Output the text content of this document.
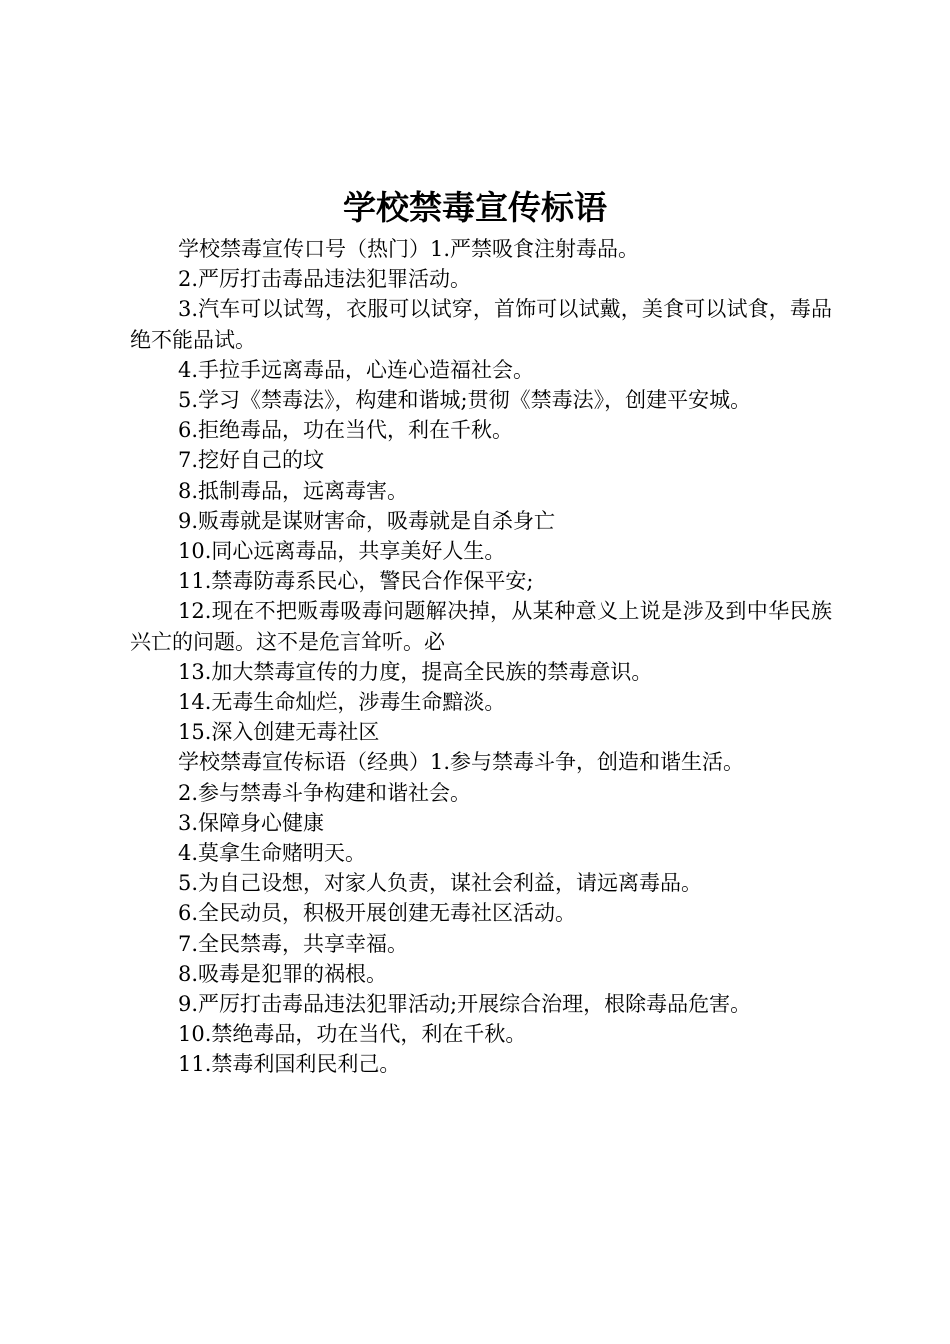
学校禁毒宣传标语

学校禁毒宣传口号（热门）1.严禁吸食注射毒品。

2.严厉打击毒品违法犯罪活动。

3.汽车可以试驾，衣服可以试穿，首饰可以试戴，美食可以试食，毒品绝不能品试。

4.手拉手远离毒品，心连心造福社会。

5.学习《禁毒法》，构建和谐城;贯彻《禁毒法》，创建平安城。

6.拒绝毒品，功在当代，利在千秋。

7.挖好自己的坟

8.抵制毒品，远离毒害。

9.贩毒就是谋财害命，吸毒就是自杀身亡

10.同心远离毒品，共享美好人生。

11.禁毒防毒系民心，警民合作保平安;

12.现在不把贩毒吸毒问题解决掉，从某种意义上说是涉及到中华民族兴亡的问题。这不是危言耸听。必

13.加大禁毒宣传的力度，提高全民族的禁毒意识。

14.无毒生命灿烂，涉毒生命黯淡。

15.深入创建无毒社区

学校禁毒宣传标语（经典）1.参与禁毒斗争，创造和谐生活。

2.参与禁毒斗争构建和谐社会。

3.保障身心健康

4.莫拿生命赌明天。

5.为自己设想，对家人负责，谋社会利益，请远离毒品。

6.全民动员，积极开展创建无毒社区活动。

7.全民禁毒，共享幸福。

8.吸毒是犯罪的祸根。

9.严厉打击毒品违法犯罪活动;开展综合治理，根除毒品危害。

10.禁绝毒品，功在当代，利在千秋。

11.禁毒利国利民利己。
